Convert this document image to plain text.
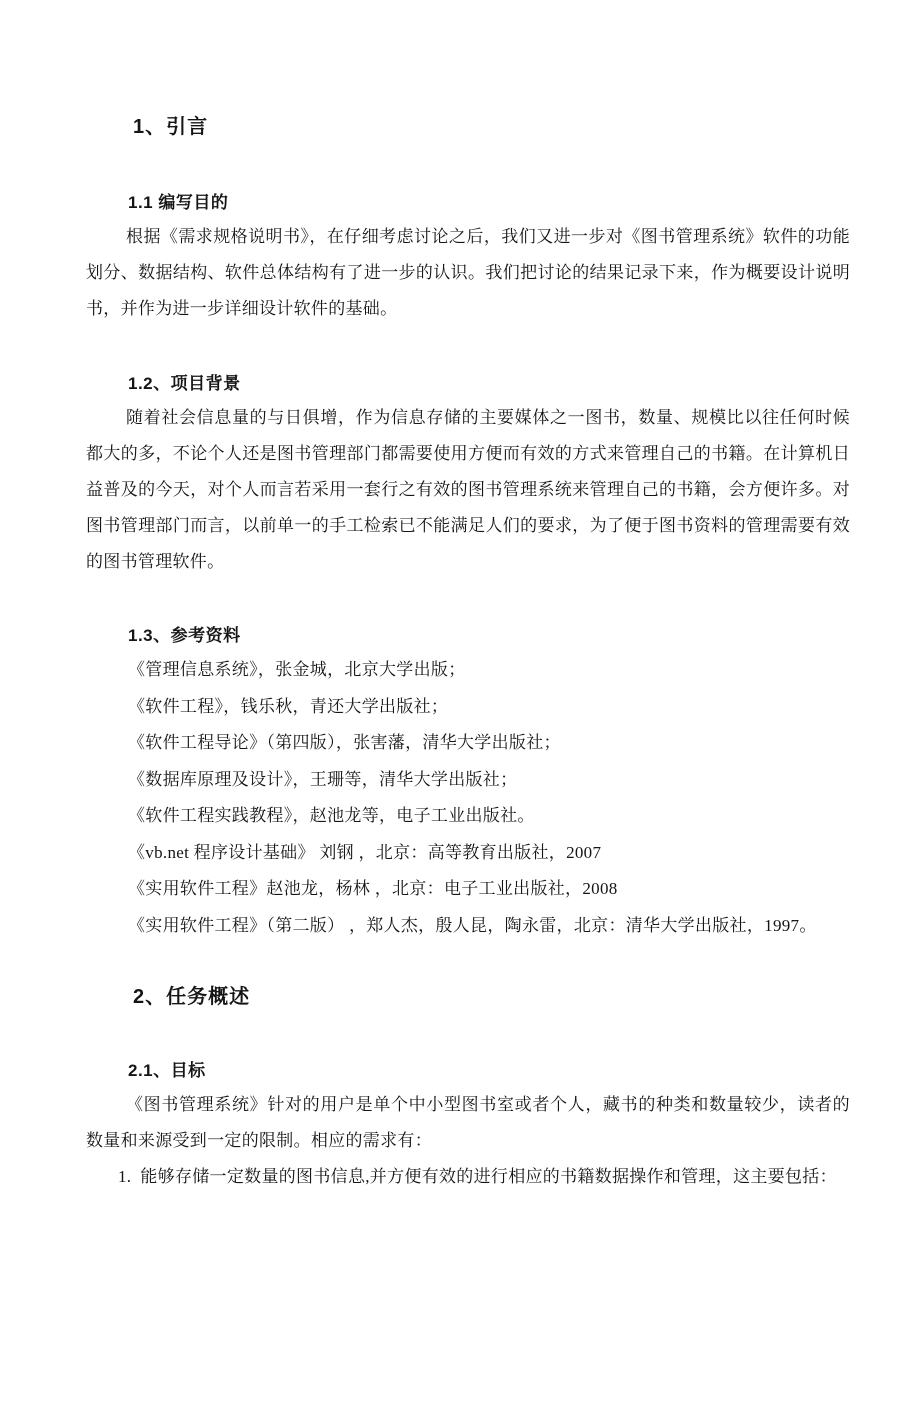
1、引言
1.1 编写目的

根据《需求规格说明书》，在仔细考虑讨论之后，我们又进一步对《图书管理系统》软件的功能划分、数据结构、软件总体结构有了进一步的认识。我们把讨论的结果记录下来，作为概要设计说明书，并作为进一步详细设计软件的基础。

1.2、项目背景

随着社会信息量的与日俱增，作为信息存储的主要媒体之一图书，数量、规模比以往任何时候都大的多，不论个人还是图书管理部门都需要使用方便而有效的方式来管理自己的书籍。在计算机日益普及的今天，对个人而言若采用一套行之有效的图书管理系统来管理自己的书籍，会方便许多。对图书管理部门而言，以前单一的手工检索已不能满足人们的要求，为了便于图书资料的管理需要有效的图书管理软件。

1.3、参考资料
《管理信息系统》，张金城，北京大学出版；
《软件工程》，钱乐秋，青还大学出版社；
《软件工程导论》（第四版），张害藩，清华大学出版社；
《数据库原理及设计》，王珊等，清华大学出版社；
《软件工程实践教程》，赵池龙等，电子工业出版社。
《vb.net 程序设计基础》 刘钢 ，北京：高等教育出版社，2007
《实用软件工程》赵池龙，杨林 ，北京：电子工业出版社，2008
《实用软件工程》（第二版） ，郑人杰，殷人昆，陶永雷，北京：清华大学出版社，1997。
2、任务概述
2.1、目标

《图书管理系统》针对的用户是单个中小型图书室或者个人，藏书的种类和数量较少，读者的数量和来源受到一定的限制。相应的需求有：

1. 能够存储一定数量的图书信息,并方便有效的进行相应的书籍数据操作和管理，这主要包括：
